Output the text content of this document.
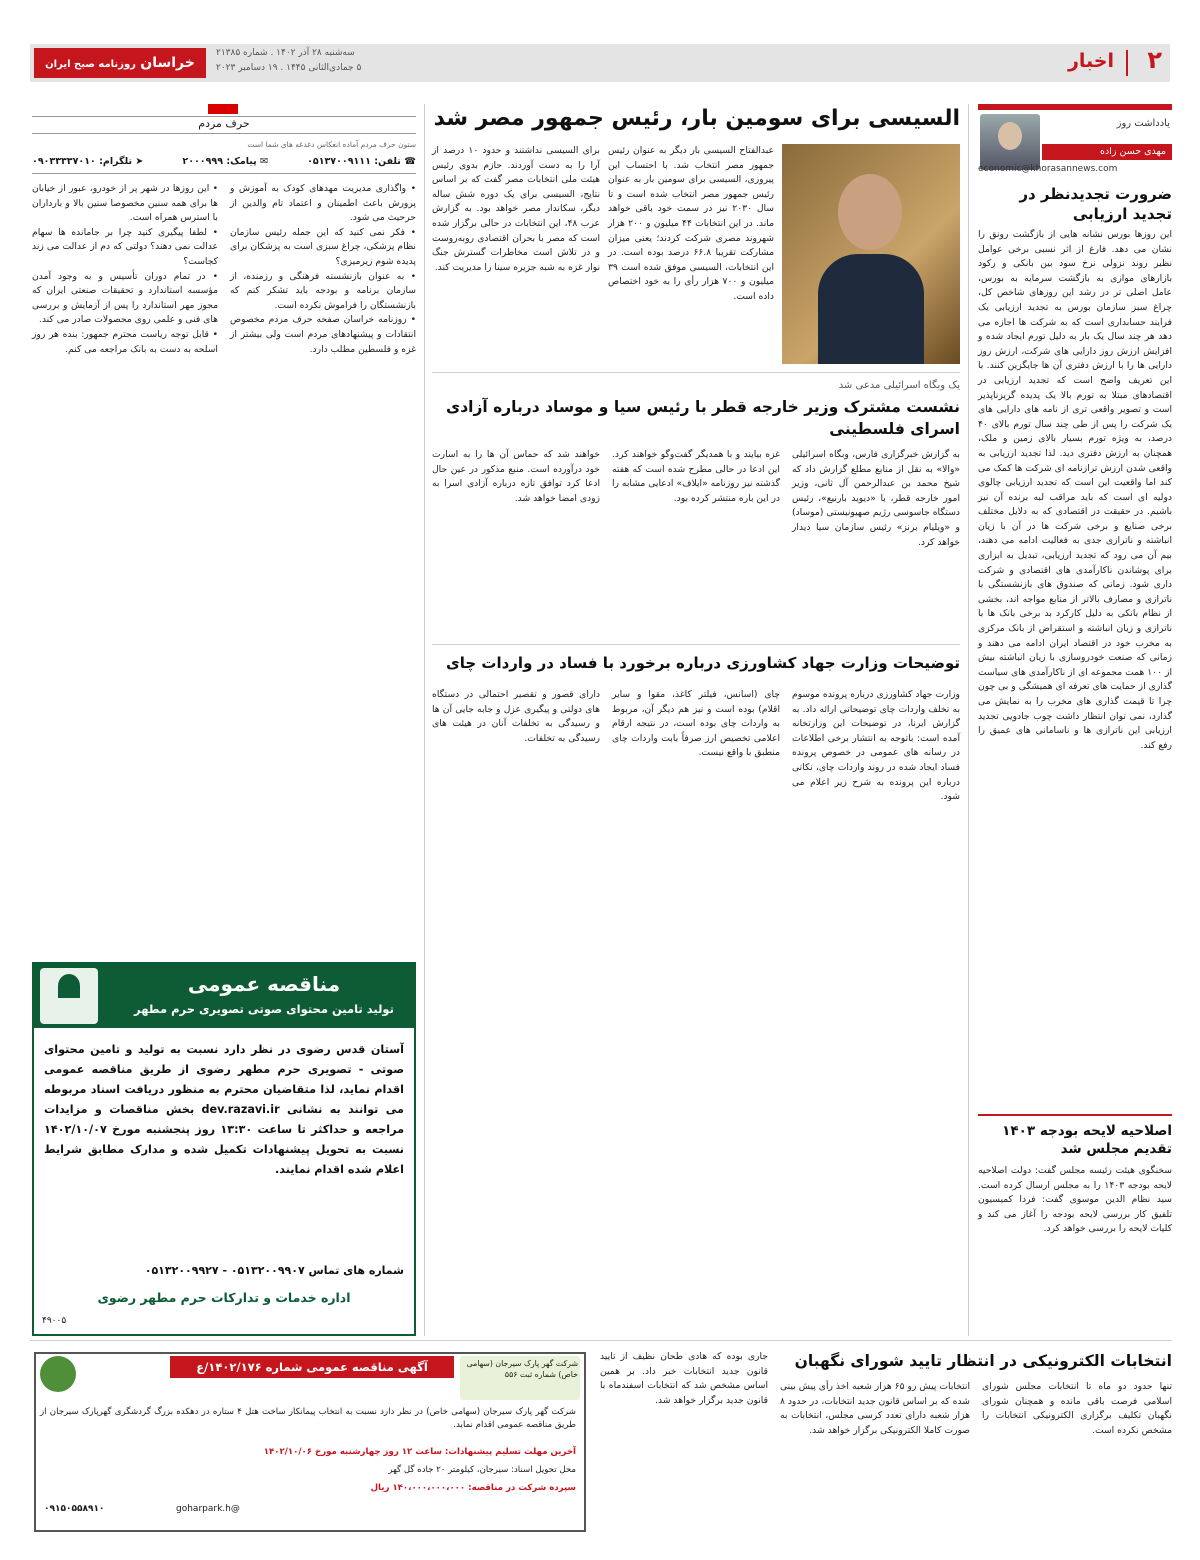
۲
اخبار
خراسان روزنامه صبح ایران
سه‌شنبه ۲۸ آذر ۱۴۰۲ . شماره ۲۱۳۸۵
۵ جمادی‌الثانی ۱۴۴۵ . ۱۹ دسامبر ۲۰۲۳
یادداشت روز
مهدی حسن زاده
economic@khorasannews.com
ضرورت تجدیدنظر در تجدید ارزیابی
این روزها بورس نشانه هایی از بازگشت رونق را نشان می دهد. فارغ از اثر نسبی برخی عوامل نظیر روند نزولی نرخ سود بین بانکی و رکود بازارهای موازی به بازگشت سرمایه به بورس، عامل اصلی تر در رشد این روزهای شاخص کل، چراغ سبز سازمان بورس به تجدید ارزیابی یک فرایند حسابداری است که به شرکت ها اجازه می دهد هر چند سال یک بار به دلیل تورم ایجاد شده و افزایش ارزش روز دارایی های شرکت، ارزش روز دارایی ها را با ارزش دفتری آن ها جایگزین کنند. با این تعریف واضح است که تجدید ارزیابی در اقتصادهای مبتلا به تورم بالا یک پدیده گریزناپذیر است و تصویر واقعی تری از نامه های دارایی های یک شرکت را پس از طی چند سال تورم بالای ۴۰ درصد، به ویژه تورم بسیار بالای زمین و ملک، همچنان به ارزش دفتری دید. لذا تجدید ارزیابی به واقعی شدن ارزش ترازنامه ای شرکت ها کمک می کند اما واقعیت این است که تجدید ارزیابی چالوی دولیه ای است که باید مراقب لبه برنده آن نیز باشیم. در حقیقت در اقتصادی که به دلایل مختلف برخی صنایع و برخی شرکت ها در آن با زیان انباشته و ناترازی جدی به فعالیت ادامه می دهند، بیم آن می رود که تجدید ارزیابی، تبدیل به ابزاری برای پوشاندن ناکارآمدی های اقتصادی و شرکت داری شود. زمانی که صندوق های بازنشستگی با ناترازی و مصارف بالاتر از منابع مواجه اند، بخشی از نظام بانکی به دلیل کارکرد بد برخی بانک ها با ناترازی و زیان انباشته و استقراض از بانک مرکزی به مخرب خود در اقتصاد ایران ادامه می دهند و زمانی که صنعت خودروسازی با زیان انباشته بیش از ۱۰۰ همت مجموعه ای از ناکارآمدی های سیاست گذاری از حمایت های تعرفه ای همیشگی و بی چون چرا تا قیمت گذاری های مخرب را به نمایش می گذارد، نمی توان انتظار داشت چوب جادویی تجدید ارزیابی این ناترازی ها و ناسامانی های عمیق را رفع کند.
اصلاحیه لایحه بودجه ۱۴۰۳ تقدیم مجلس شد
سخنگوی هیئت رئیسه مجلس گفت: دولت اصلاحیه لایحه بودجه ۱۴۰۳ را به مجلس ارسال کرده است. سید نظام الدین موسوی گفت: فردا کمیسیون تلفیق کار بررسی لایحه بودجه را آغاز می کند و کلیات لایحه را بررسی خواهد کرد.
السیسی برای سومین بار، رئیس جمهور مصر شد
عبدالفتاح السیسی بار دیگر به عنوان رئیس جمهور مصر انتخاب شد. با احتساب این پیروزی، السیسی برای سومین بار به عنوان رئیس جمهور مصر انتخاب شده است و تا سال ۲۰۳۰ نیز در سمت خود باقی خواهد ماند. در این انتخابات ۴۴ میلیون و ۲۰۰ هزار شهروند مصری شرکت کردند؛ یعنی میزان مشارکت تقریبا ۶۶.۸ درصد بوده است. در این انتخابات، السیسی موفق شده است ۳۹ میلیون و ۷۰۰ هزار رأی را به خود اختصاص داده است.
برای السیسی نداشتند و حدود ۱۰ درصد از آرا را به دست آوردند. حازم بدوی رئیس هیئت ملی انتخابات مصر گفت که بر اساس نتایج، السیسی برای یک دوره شش ساله دیگر، سکاندار مصر خواهد بود. به گزارش عرب ۴۸، این انتخابات در حالی برگزار شده است که مصر با بحران اقتصادی روبه‌روست و در تلاش است مخاطرات گسترش جنگ نوار غزه به شبه جزیره سینا را مدیریت کند.
یک وبگاه اسرائیلی مدعی شد
نشست مشترک وزیر خارجه قطر با رئیس سیا و موساد درباره آزادی اسرای فلسطینی
به گزارش خبرگزاری فارس، وبگاه اسرائیلی «والا» به نقل از منابع مطلع گزارش داد که شیخ محمد بن عبدالرحمن آل ثانی، وزیر امور خارجه قطر، با «دیوید بارنیع»، رئیس دستگاه جاسوسی رژیم صهیونیستی (موساد) و «ویلیام برنز» رئیس سازمان سیا دیدار خواهد کرد.
غزه بیایند و با همدیگر گفت‌وگو خواهند کرد. این ادعا در حالی مطرح شده است که هفته گذشته نیز روزنامه «ایلاف» ادعایی مشابه را در این باره منتشر کرده بود.
خواهند شد که حماس آن ها را به اسارت خود درآورده است. منبع مذکور در عین حال ادعا کرد توافق تازه درباره آزادی اسرا به زودی امضا خواهد شد.
توضیحات وزارت جهاد کشاورزی درباره برخورد با فساد در واردات چای
وزارت جهاد کشاورزی درباره پرونده موسوم به تخلف واردات چای توضیحاتی ارائه داد. به گزارش ایرنا، در توضیحات این وزارتخانه آمده است: باتوجه به انتشار برخی اطلاعات در رسانه های عمومی در خصوص پرونده فساد ایجاد شده در روند واردات چای، نکاتی درباره این پرونده به شرح زیر اعلام می شود.
چای (اسانس، فیلتر کاغذ، مقوا و سایر اقلام) بوده است و نیز هم دیگر آن، مربوط به واردات چای بوده است، در نتیجه ارقام اعلامی تخصیص ارز صرفاً بابت واردات چای منطبق با واقع نیست.
دارای قصور و تقصیر احتمالی در دستگاه های دولتی و پیگیری عزل و جابه جایی آن ها و رسیدگی به تخلفات آنان در هیئت های رسیدگی به تخلفات.
حرف مردم
ستون حرف مردم آماده انعکاس دغدغه های شما است
☎ تلفن: ۰۵۱۳۷۰۰۹۱۱۱
✉ پیامک: ۲۰۰۰۹۹۹
➤ تلگرام: ۰۹۰۳۳۳۳۷۰۱۰
• واگذاری مدیریت مهدهای کودک به آموزش و پرورش باعث اطمینان و اعتماد تام والدین از حرحیث می شود.
• فکر نمی کنید که این جمله رئیس سازمان نظام پزشکی، چراغ سبزی است به پزشکان برای پدیده شوم زیرمیزی؟
• به عنوان بازنشسته فرهنگی و رزمنده، از سازمان برنامه و بودجه باید تشکر کنم که بازنشستگان را فراموش نکرده است.
• روزنامه خراسان صفحه حرف مردم مخصوص انتقادات و پیشنهادهای مردم است ولی بیشتر از غزه و فلسطین مطلب دارد.
• این روزها در شهر پر از خودرو، عبور از خیابان ها برای همه سنین مخصوصا سنین بالا و بارداران با استرس همراه است.
• لطفا پیگیری کنید چرا بر جامانده ها سهام عدالت نمی دهند؟ دولتی که دم از عدالت می زند کجاست؟
• در تمام دوران تأسیس و به وجود آمدن مؤسسه استاندارد و تحقیقات صنعتی ایران که مجوز مهر استاندارد را پس از آزمایش و بررسی های فنی و علمی روی محصولات صادر می کند.
• قابل توجه ریاست محترم جمهور: بنده هر روز اسلحه به دست به بانک مراجعه می کنم.
مناقصه عمومی
تولید تامین محتوای صوتی تصویری حرم مطهر
آستان قدس رضوی در نظر دارد نسبت به تولید و تامین محتوای صوتی - تصویری حرم مطهر رضوی از طریق مناقصه عمومی اقدام نماید، لذا متقاضیان محترم به منظور دریافت اسناد مربوطه می توانند به نشانی dev.razavi.ir بخش مناقصات و مزایدات مراجعه و حداکثر تا ساعت ۱۳:۳۰ روز پنجشنبه مورخ ۱۴۰۲/۱۰/۰۷ نسبت به تحویل پیشنهادات تکمیل شده و مدارک مطابق شرایط اعلام شده اقدام نمایند.
شماره های تماس ۰۵۱۳۲۰۰۹۹۰۷ - ۰۵۱۳۲۰۰۹۹۲۷
اداره خدمات و تدارکات حرم مطهر رضوی
۴۹۰۰۵
انتخابات الکترونیکی در انتظار تایید شورای نگهبان
تنها حدود دو ماه تا انتخابات مجلس شورای اسلامی فرصت باقی مانده و همچنان شورای نگهبان تکلیف برگزاری الکترونیکی انتخابات را مشخص نکرده است.
انتخابات پیش رو ۶۵ هزار شعبه اخذ رأی پیش بینی شده که بر اساس قانون جدید انتخابات، در حدود ۸ هزار شعبه دارای تعدد کرسی مجلس، انتخابات به صورت کاملا الکترونیکی برگزار خواهد شد.
جاری بوده که هادی طحان نظیف از تایید قانون جدید انتخابات خبر داد. بر همین اساس مشخص شد که انتخابات اسفندماه با قانون جدید برگزار خواهد شد.
آگهی مناقصه عمومی شماره ۱۴۰۲/۱۷۶/ع	شرکت گهر پارک سیرجان (سهامی خاص) شماره ثبت ۵۵۶
شرکت گهر پارک سیرجان (سهامی خاص) در نظر دارد نسبت به انتخاب پیمانکار ساخت هتل ۴ ستاره در دهکده بزرگ گردشگری گهرپارک سیرجان از طریق مناقصه عمومی اقدام نماید.
آخرین مهلت تسلیم پیشنهادات: ساعت ۱۲ روز چهارشنبه مورخ ۱۴۰۲/۱۰/۰۶
محل تحویل اسناد: سیرجان، کیلومتر ۲۰ جاده گل گهر
سپرده شرکت در مناقصه: ۱۴۰،۰۰۰،۰۰۰،۰۰۰ ریال
۰۹۱۵۰۵۵۸۹۱۰	goharpark.h@
